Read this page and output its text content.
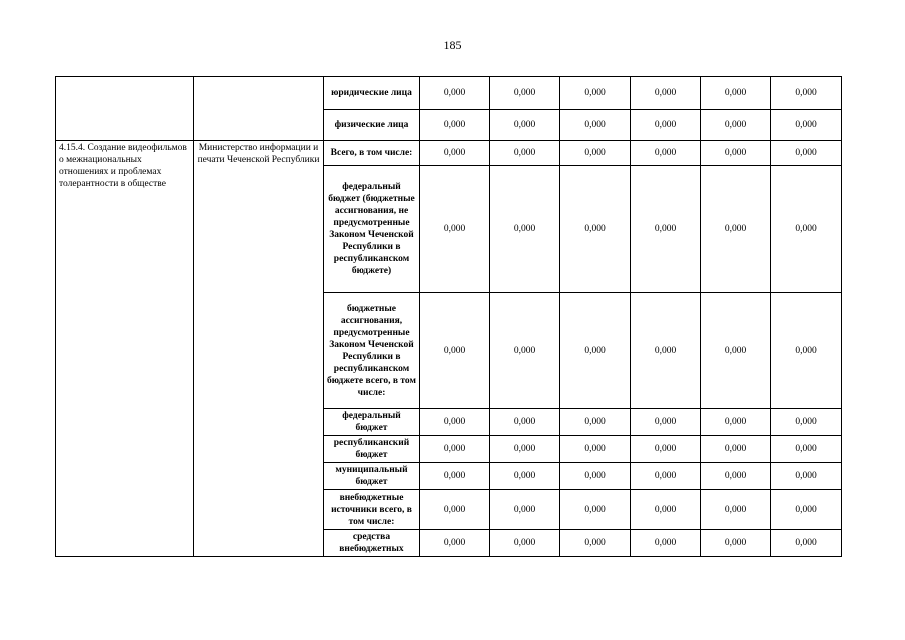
185
		юридические лица	0,000	0,000	0,000	0,000	0,000	0,000
		физические лица	0,000	0,000	0,000	0,000	0,000	0,000
4.15.4. Создание видеофильмов о межнациональных отношениях и проблемах толерантности в обществе	Министерство информации и печати Чеченской Республики	Всего, в том числе:	0,000	0,000	0,000	0,000	0,000	0,000
		федеральный бюджет (бюджетные ассигнования, не предусмотренные Законом Чеченской Республики в республиканском бюджете)	0,000	0,000	0,000	0,000	0,000	0,000
		бюджетные ассигнования, предусмотренные Законом Чеченской Республики в республиканском бюджете всего, в том числе:	0,000	0,000	0,000	0,000	0,000	0,000
		федеральный бюджет	0,000	0,000	0,000	0,000	0,000	0,000
		республиканский бюджет	0,000	0,000	0,000	0,000	0,000	0,000
		муниципальный бюджет	0,000	0,000	0,000	0,000	0,000	0,000
		внебюджетные источники всего, в том числе:	0,000	0,000	0,000	0,000	0,000	0,000
		средства внебюджетных	0,000	0,000	0,000	0,000	0,000	0,000
